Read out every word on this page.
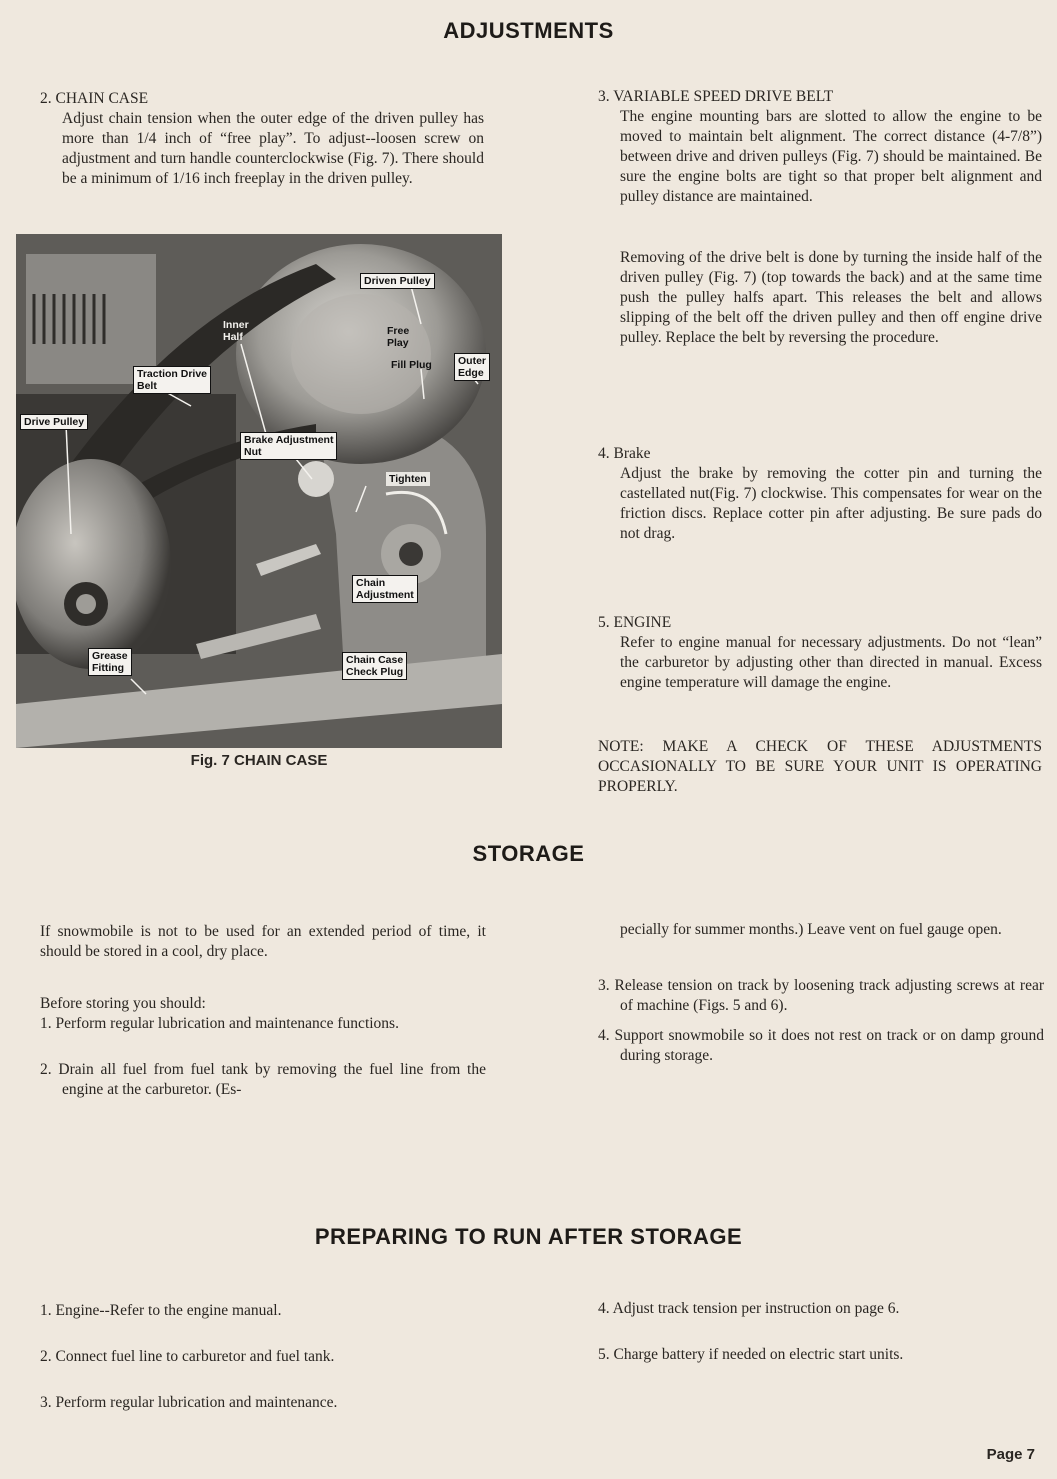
ADJUSTMENTS
2. CHAIN CASE

Adjust chain tension when the outer edge of the driven pulley has more than 1/4 inch of “free play”. To adjust--loosen screw on adjustment and turn handle counterclockwise (Fig. 7). There should be a minimum of 1/16 inch freeplay in the driven pulley.

Driven Pulley
Inner
Half	Free
Play
Fill Plug	Outer
Edge
Traction Drive
Belt
Drive Pulley
Brake Adjustment
Nut
Tighten
Chain
Adjustment
Grease
Fitting
Chain Case
Check Plug
Fig. 7 CHAIN CASE
3. VARIABLE SPEED DRIVE BELT

The engine mounting bars are slotted to allow the engine to be moved to maintain belt alignment. The correct distance (4-7/8”) between drive and driven pulleys (Fig. 7) should be maintained. Be sure the engine bolts are tight so that proper belt alignment and pulley distance are maintained.

Removing of the drive belt is done by turning the inside half of the driven pulley (Fig. 7) (top towards the back) and at the same time push the pulley halfs apart. This releases the belt and allows slipping of the belt off the driven pulley and then off engine drive pulley. Replace the belt by reversing the procedure.

4. Brake

Adjust the brake by removing the cotter pin and turning the castellated nut(Fig. 7) clockwise. This compensates for wear on the friction discs. Replace cotter pin after adjusting. Be sure pads do not drag.

5. ENGINE

Refer to engine manual for necessary adjustments. Do not “lean” the carburetor by adjusting other than directed in manual. Excess engine temperature will damage the engine.

NOTE: MAKE A CHECK OF THESE ADJUSTMENTS OCCASIONALLY TO BE SURE YOUR UNIT IS OPERATING PROPERLY.

STORAGE

If snowmobile is not to be used for an extended period of time, it should be stored in a cool, dry place.

Before storing you should:

1. Perform regular lubrication and maintenance functions.

2. Drain all fuel from fuel tank by removing the fuel line from the engine at the carburetor. (Es-

pecially for summer months.) Leave vent on fuel gauge open.

3. Release tension on track by loosening track adjusting screws at rear of machine (Figs. 5 and 6).

4. Support snowmobile so it does not rest on track or on damp ground during storage.

PREPARING TO RUN AFTER STORAGE

1. Engine--Refer to the engine manual.

2. Connect fuel line to carburetor and fuel tank.

3. Perform regular lubrication and maintenance.

4. Adjust track tension per instruction on page 6.

5. Charge battery if needed on electric start units.

Page 7
